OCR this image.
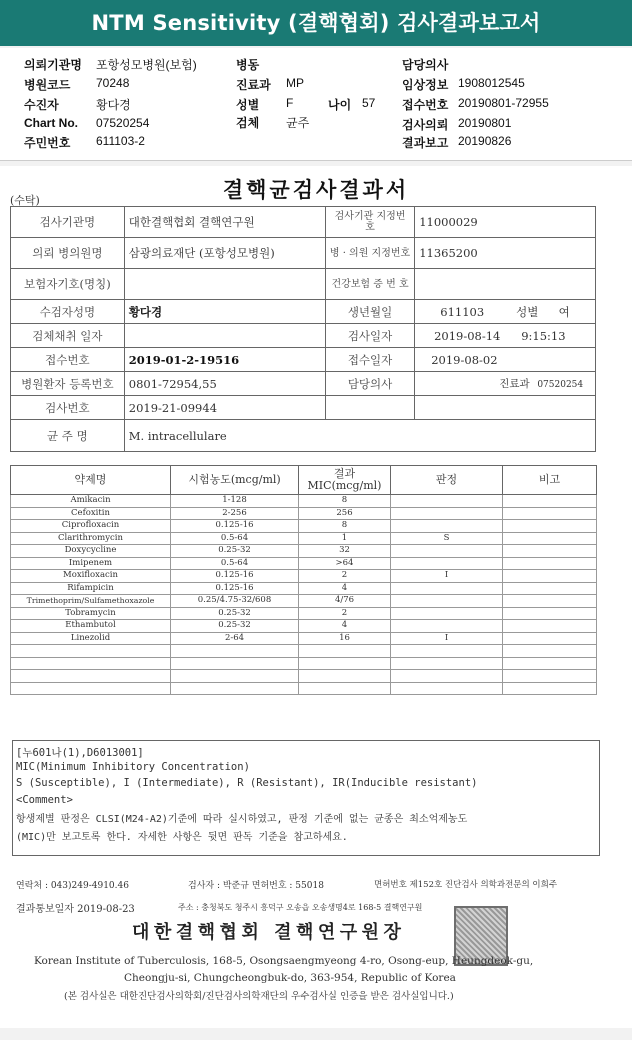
NTM Sensitivity (결핵협회) 검사결과보고서
의뢰기관명 포항성모병원(보험)	병동	담당의사
병원코드 70248	진료과 MP	임상정보 1908012545
수진자	황다경	성별 F	나이 57 접수번호 20190801-72955
Chart No. 07520254	검체 균주	검사의뢰 20190801
주민번호 611103-2	결과보고 20190826
(수탁)	결핵균검사결과서
검사기관명	대한결핵협회 결핵연구원	검사기관 지정번호	11000029
의뢰 병의원명	삼광의료재단 (포항성모병원)	병 · 의원 지정번호	11365200
보험자기호(명칭)		건강보험 증 번 호	
수검자성명	황다경	생년월일	611103 성별 여
검체채취 일자		검사일자	2019-08-14 9:15:13
접수번호	2019-01-2-19516	접수일자	2019-08-02
병원환자 등록번호	0801-72954,55	담당의사	진료과 07520254
검사번호	2019-21-09944		
균 주 명	M. intracellulare		
약제명	시험농도(mcg/ml)	결과 MIC(mcg/ml)	판정	비고
Amikacin	1-128	8		
Cefoxitin	2-256	256		
Ciprofloxacin	0.125-16	8		
Clarithromycin	0.5-64	1	S	
Doxycycline	0.25-32	32		
Imipenem	0.5-64	>64		
Moxifloxacin	0.125-16	2	I	
Rifampicin	0.125-16	4		
Trimethoprim/Sulfamethoxazole	0.25/4.75-32/608	4/76		
Tobramycin	0.25-32	2		
Ethambutol	0.25-32	4		
Linezolid	2-64	16	I	

[누601나(1),D6013001]
MIC(Minimum Inhibitory Concentration)
S (Susceptible), I (Intermediate), R (Resistant), IR(Inducible resistant)
<Comment>
항생제별 판정은 CLSI(M24-A2)기준에 따라 실시하였고, 판정 기준에 없는 균종은 최소억제농도
(MIC)만 보고토록 한다. 자세한 사항은 뒷면 판독 기준을 참고하세요.
연락처 : 043)249-4910.46	검사자 : 박준규 면허번호 : 55018	면허번호 제152호 진단검사 의학과전문의 이희주
결과통보일자 2019-08-23	주소 : 충청북도 청주시 흥덕구 오송읍 오송생명4로 168-5 결핵연구원
대한결핵협회 결핵연구원장
Korean Institute of Tuberculosis, 168-5, Osongsaengmyeong 4-ro, Osong-eup, Heungdeok-gu,
Cheongju-si, Chungcheongbuk-do, 363-954, Republic of Korea
(본 검사실은 대한진단검사의학회/진단검사의학재단의 우수검사실 인증을 받은 검사실입니다.)
